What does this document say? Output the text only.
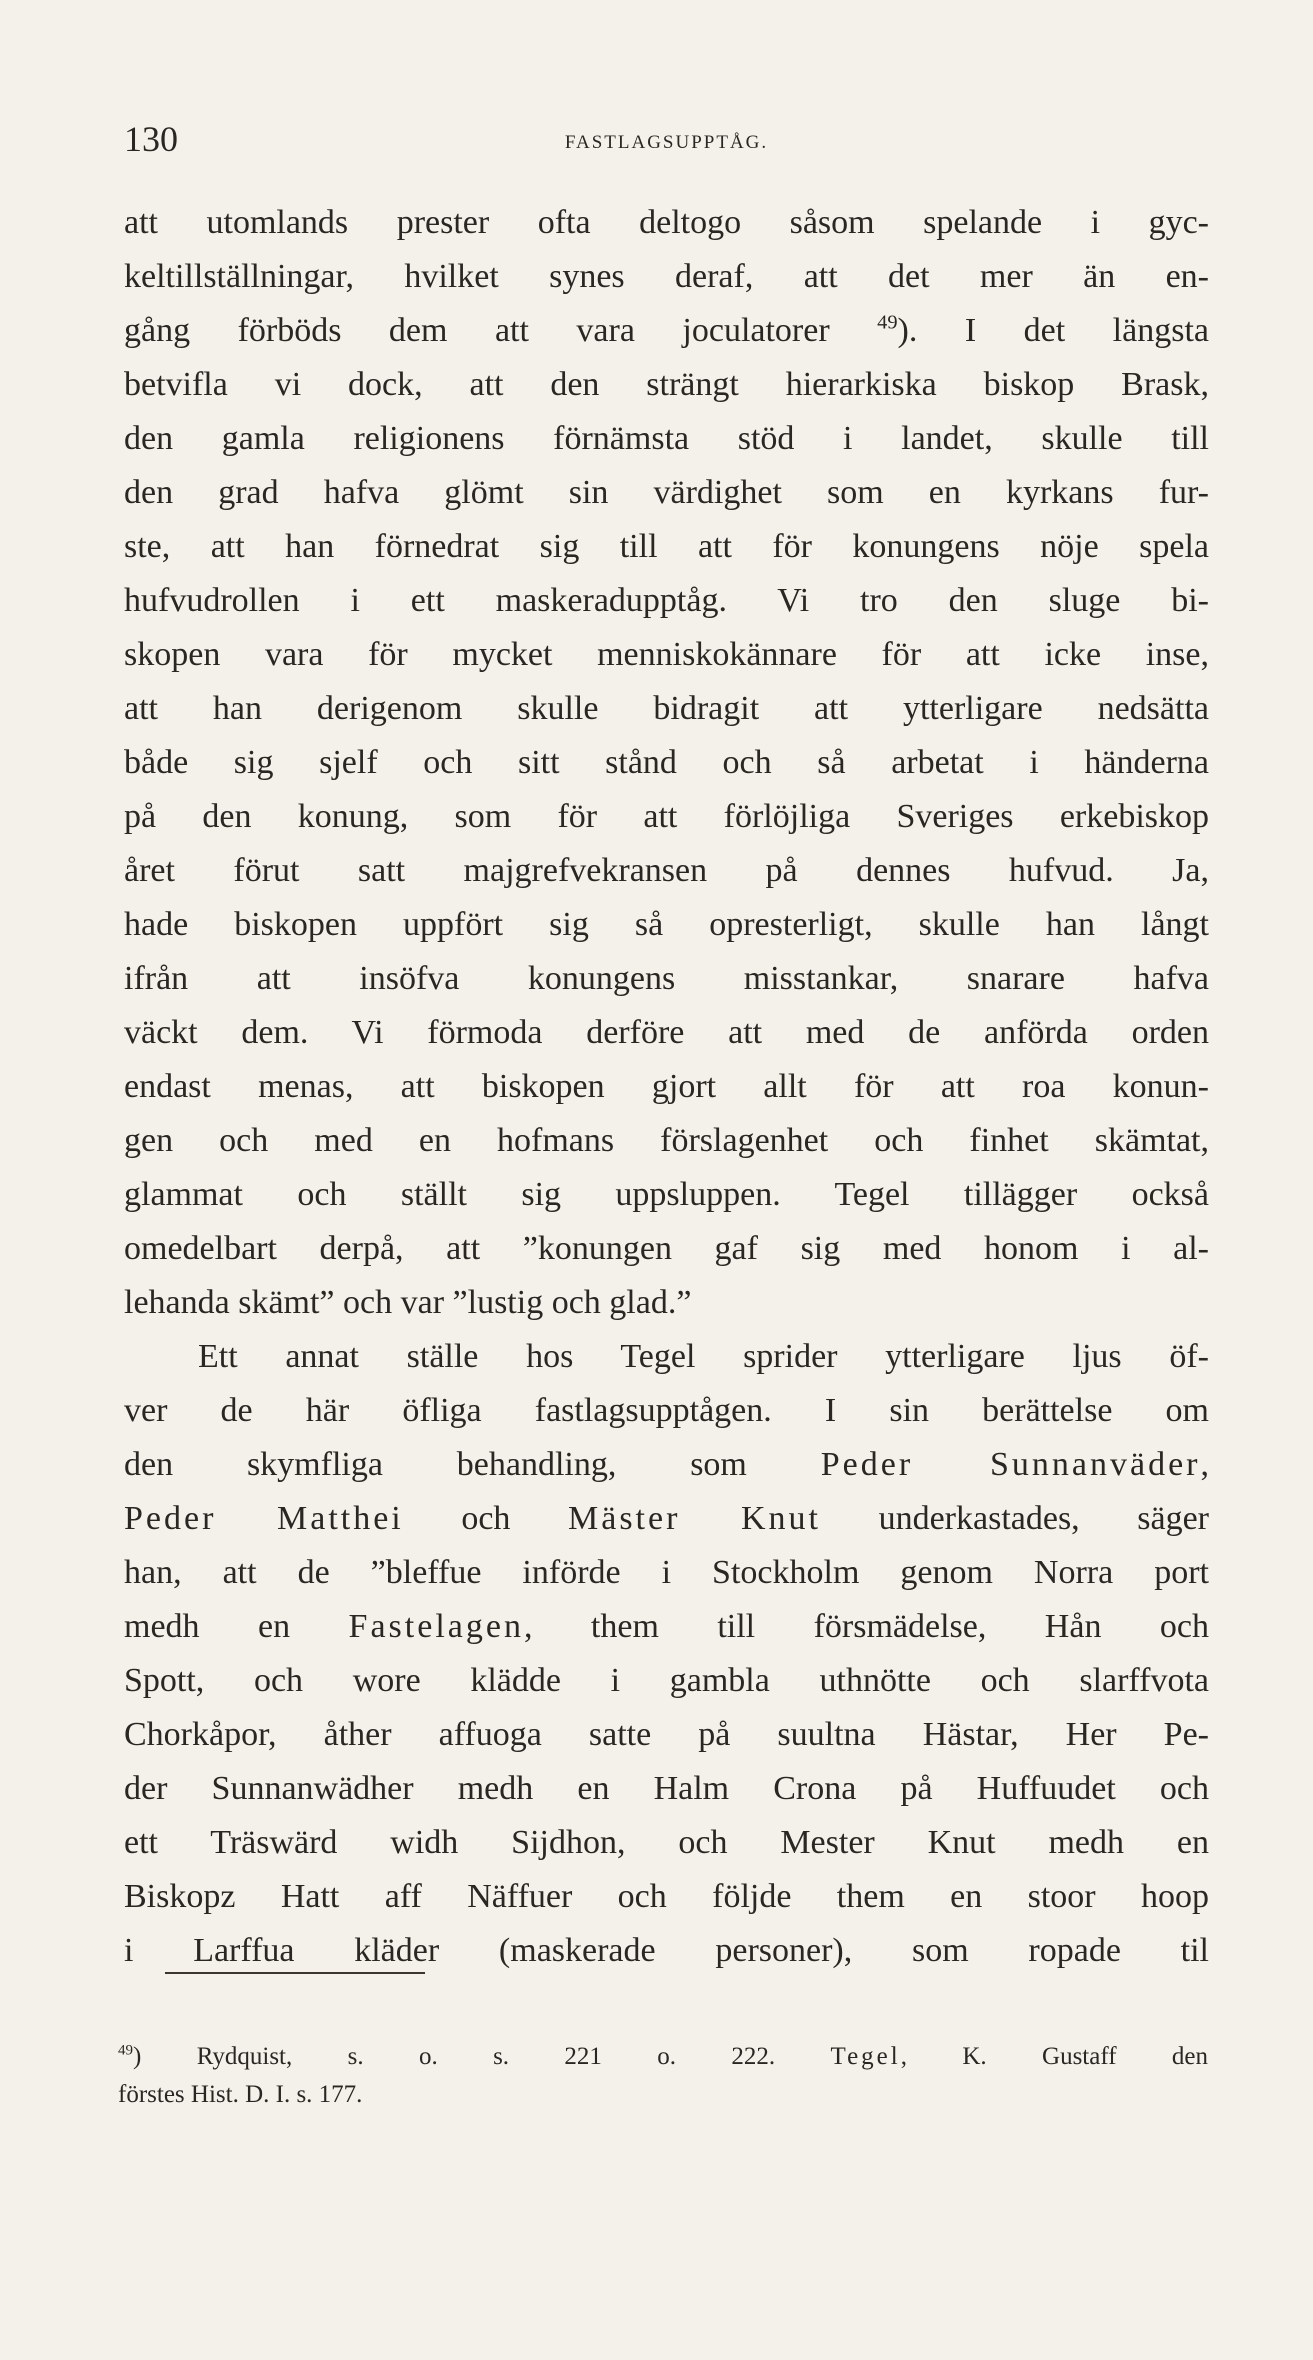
130	FASTLAGSUPPTÅG.
att utomlands prester ofta deltogo såsom spelande i gyc-
keltillställningar, hvilket synes deraf, att det mer än en-
gång förböds dem att vara joculatorer $^{49}$). I det längsta
betvifla vi dock, att den strängt hierarkiska biskop Brask,
den gamla religionens förnämsta stöd i landet, skulle till
den grad hafva glömt sin värdighet som en kyrkans fur-
ste, att han förnedrat sig till att för konungens nöje spela
hufvudrollen i ett maskeradupptåg. Vi tro den sluge bi-
skopen vara för mycket menniskokännare för att icke inse,
att han derigenom skulle bidragit att ytterligare nedsätta
både sig sjelf och sitt stånd och så arbetat i händerna
på den konung, som för att förlöjliga Sveriges erkebiskop
året förut satt majgrefvekransen på dennes hufvud. Ja,
hade biskopen uppfört sig så opresterligt, skulle han långt
ifrån att insöfva konungens misstankar, snarare hafva
väckt dem. Vi förmoda derföre att med de anförda orden
endast menas, att biskopen gjort allt för att roa konun-
gen och med en hofmans förslagenhet och finhet skämtat,
glammat och ställt sig uppsluppen. Tegel tillägger också
omedelbart derpå, att ”konungen gaf sig med honom i al-
lehanda skämt” och var ”lustig och glad.”
Ett annat ställe hos Tegel sprider ytterligare ljus öf-
ver de här öfliga fastlagsupptågen. I sin berättelse om
den skymfliga behandling, som Peder Sunnanväder,
Peder Matthei och Mäster Knut underkastades, säger
han, att de ”bleffue införde i Stockholm genom Norra port
medh en Fastelagen, them till försmädelse, Hån och
Spott, och wore klädde i gambla uthnötte och slarffvota
Chorkåpor, åther affuoga satte på suultna Hästar, Her Pe-
der Sunnanwädher medh en Halm Crona på Huffuudet och
ett Träswärd widh Sijdhon, och Mester Knut medh en
Biskopz Hatt aff Näffuer och följde them en stoor hoop
i Larffua kläder (maskerade personer), som ropade til
$^{49}$) Rydquist, s. o. s. 221 o. 222. Tegel, K. Gustaff den
förstes Hist. D. I. s. 177.
